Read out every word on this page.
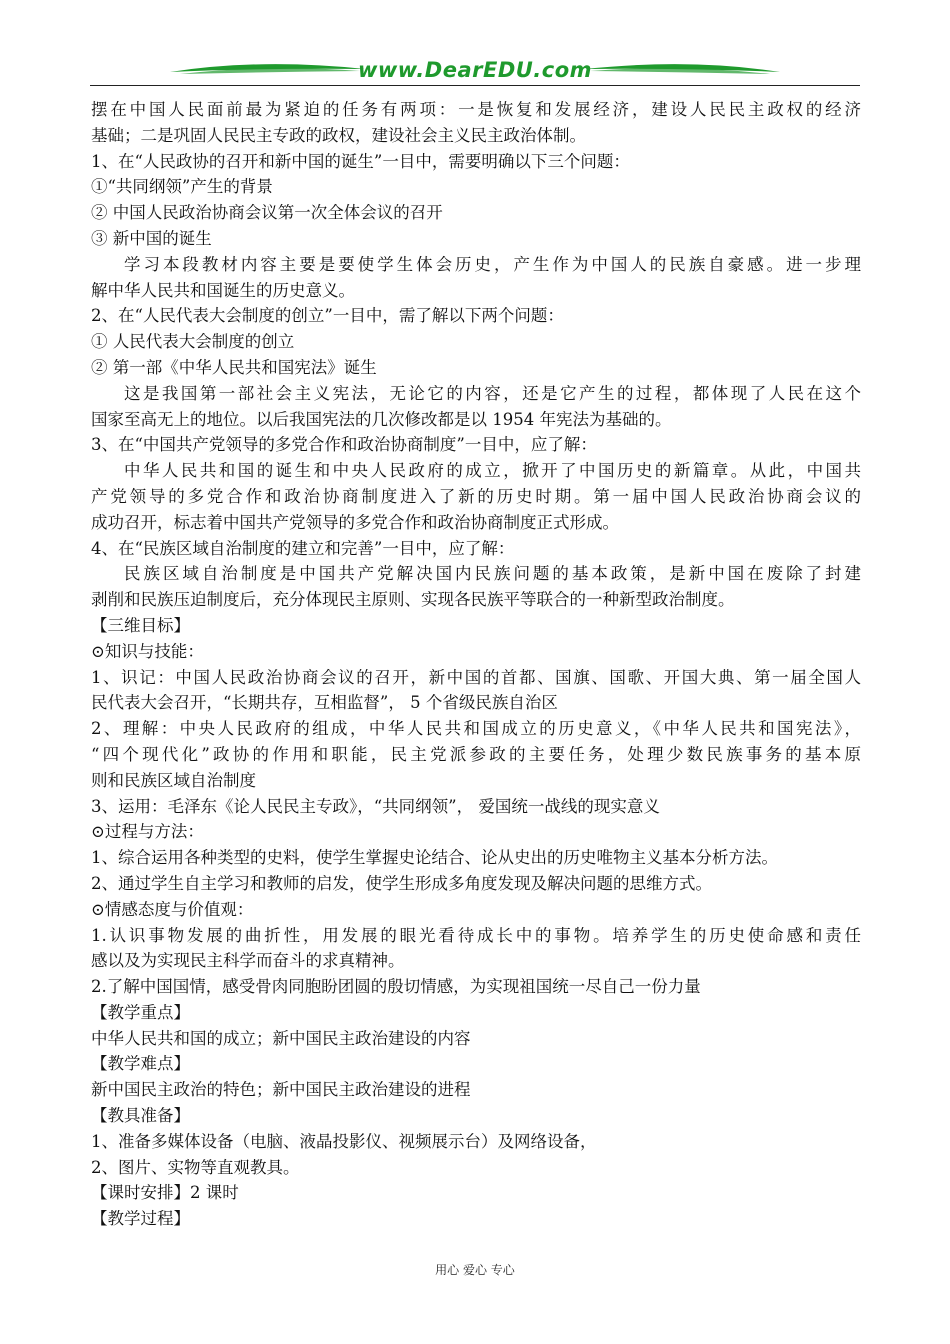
www.DearEDU.com
摆在中国人民面前最为紧迫的任务有两项：一是恢复和发展经济，建设人民民主政权的经济
基础；二是巩固人民民主专政的政权，建设社会主义民主政治体制。
1、在“人民政协的召开和新中国的诞生”一目中，需要明确以下三个问题：
①“共同纲领”产生的背景
② 中国人民政治协商会议第一次全体会议的召开
③ 新中国的诞生
学习本段教材内容主要是要使学生体会历史，产生作为中国人的民族自豪感。进一步理
解中华人民共和国诞生的历史意义。
2、在“人民代表大会制度的创立”一目中，需了解以下两个问题：
① 人民代表大会制度的创立
② 第一部《中华人民共和国宪法》诞生
这是我国第一部社会主义宪法，无论它的内容，还是它产生的过程，都体现了人民在这个
国家至高无上的地位。以后我国宪法的几次修改都是以 1954 年宪法为基础的。
3、在“中国共产党领导的多党合作和政治协商制度”一目中，应了解：
中华人民共和国的诞生和中央人民政府的成立，掀开了中国历史的新篇章。从此，中国共
产党领导的多党合作和政治协商制度进入了新的历史时期。第一届中国人民政治协商会议的
成功召开，标志着中国共产党领导的多党合作和政治协商制度正式形成。
4、在“民族区域自治制度的建立和完善”一目中，应了解：
民族区域自治制度是中国共产党解决国内民族问题的基本政策，是新中国在废除了封建
剥削和民族压迫制度后，充分体现民主原则、实现各民族平等联合的一种新型政治制度。
【三维目标】
⊙知识与技能：
1、识记：中国人民政治协商会议的召开，新中国的首都、国旗、国歌、开国大典、第一届全国人
民代表大会召开，“长期共存，互相监督”， 5 个省级民族自治区
2、理解：中央人民政府的组成，中华人民共和国成立的历史意义，《中华人民共和国宪法》，
“四个现代化”政协的作用和职能，民主党派参政的主要任务，处理少数民族事务的基本原
则和民族区域自治制度
3、运用：毛泽东《论人民民主专政》，“共同纲领”， 爱国统一战线的现实意义
⊙过程与方法：
1、综合运用各种类型的史料，使学生掌握史论结合、论从史出的历史唯物主义基本分析方法。
2、通过学生自主学习和教师的启发，使学生形成多角度发现及解决问题的思维方式。
⊙情感态度与价值观：
1.认识事物发展的曲折性，用发展的眼光看待成长中的事物。培养学生的历史使命感和责任
感以及为实现民主科学而奋斗的求真精神。
2.了解中国国情，感受骨肉同胞盼团圆的殷切情感，为实现祖国统一尽自己一份力量
【教学重点】
中华人民共和国的成立；新中国民主政治建设的内容
【教学难点】
新中国民主政治的特色；新中国民主政治建设的进程
【教具准备】
1、准备多媒体设备（电脑、液晶投影仪、视频展示台）及网络设备，
2、图片、实物等直观教具。
【课时安排】2 课时
【教学过程】
用心 爱心 专心
